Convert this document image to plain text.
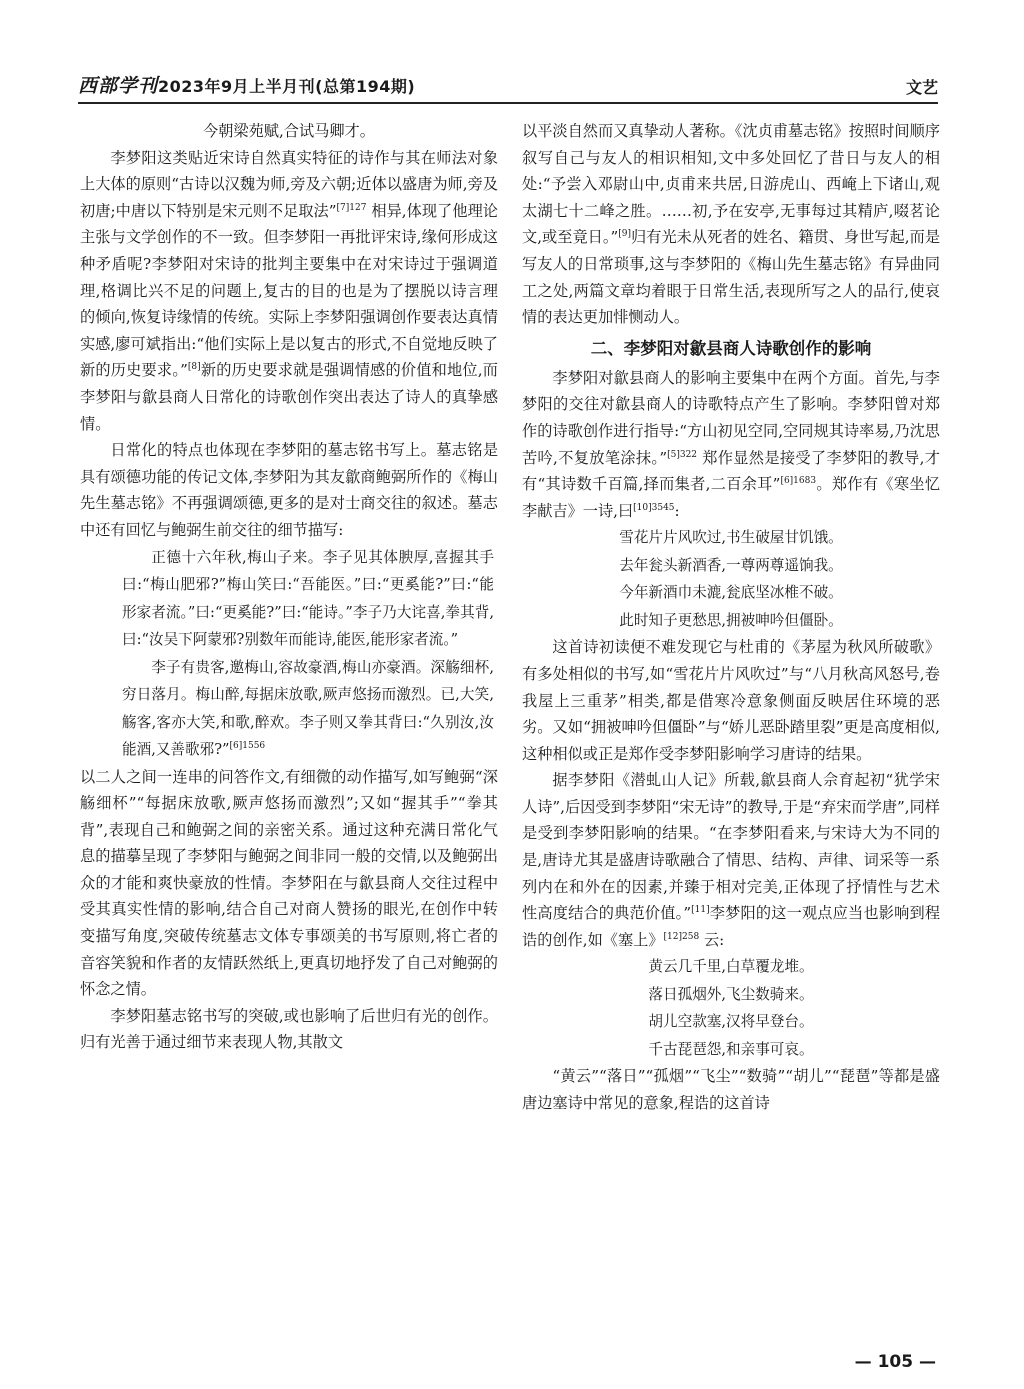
西部学刊2023年9月上半月刊(总第194期)	文艺

今朝梁苑赋,合试马卿才。

李梦阳这类贴近宋诗自然真实特征的诗作与其在师法对象上大体的原则“古诗以汉魏为师,旁及六朝;近体以盛唐为师,旁及初唐;中唐以下特别是宋元则不足取法”$^{[7]127}$ 相异,体现了他理论主张与文学创作的不一致。但李梦阳一再批评宋诗,缘何形成这种矛盾呢?李梦阳对宋诗的批判主要集中在对宋诗过于强调道理,格调比兴不足的问题上,复古的目的也是为了摆脱以诗言理的倾向,恢复诗缘情的传统。实际上李梦阳强调创作要表达真情实感,廖可斌指出:“他们实际上是以复古的形式,不自觉地反映了新的历史要求。”[8]新的历史要求就是强调情感的价值和地位,而李梦阳与歙县商人日常化的诗歌创作突出表达了诗人的真挚感情。

日常化的特点也体现在李梦阳的墓志铭书写上。墓志铭是具有颂德功能的传记文体,李梦阳为其友歙商鲍弼所作的《梅山先生墓志铭》不再强调颂德,更多的是对士商交往的叙述。墓志中还有回忆与鲍弼生前交往的细节描写:

正德十六年秋,梅山子来。李子见其体腴厚,喜握其手曰:“梅山肥邪?”梅山笑曰:“吾能医。”曰:“更奚能?”曰:“能形家者流。”曰:“更奚能?”曰:“能诗。”李子乃大诧喜,拳其背,曰:“汝吴下阿蒙邪?别数年而能诗,能医,能形家者流。”

李子有贵客,邀梅山,容故豪酒,梅山亦豪酒。深觞细杯,穷日落月。梅山醉,每据床放歌,厥声悠扬而激烈。已,大笑,觞客,客亦大笑,和歌,醉欢。李子则又拳其背曰:“久别汝,汝能酒,又善歌邪?”$^{[6]1556}$

以二人之间一连串的问答作文,有细微的动作描写,如写鲍弼“深觞细杯”“每据床放歌,厥声悠扬而激烈”;又如“握其手”“拳其背”,表现自己和鲍弼之间的亲密关系。通过这种充满日常化气息的描摹呈现了李梦阳与鲍弼之间非同一般的交情,以及鲍弼出众的才能和爽快豪放的性情。李梦阳在与歙县商人交往过程中受其真实性情的影响,结合自己对商人赞扬的眼光,在创作中转变描写角度,突破传统墓志文体专事颂美的书写原则,将亡者的音容笑貌和作者的友情跃然纸上,更真切地抒发了自己对鲍弼的怀念之情。

李梦阳墓志铭书写的突破,或也影响了后世归有光的创作。归有光善于通过细节来表现人物,其散文

以平淡自然而又真挚动人著称。《沈贞甫墓志铭》按照时间顺序叙写自己与友人的相识相知,文中多处回忆了昔日与友人的相处:“予尝入邓尉山中,贞甫来共居,日游虎山、西崦上下诸山,观太湖七十二峰之胜。……初,予在安亭,无事每过其精庐,啜茗论文,或至竟日。”[9]归有光未从死者的姓名、籍贯、身世写起,而是写友人的日常琐事,这与李梦阳的《梅山先生墓志铭》有异曲同工之处,两篇文章均着眼于日常生活,表现所写之人的品行,使哀情的表达更加悱恻动人。

二、李梦阳对歙县商人诗歌创作的影响

李梦阳对歙县商人的影响主要集中在两个方面。首先,与李梦阳的交往对歙县商人的诗歌特点产生了影响。李梦阳曾对郑作的诗歌创作进行指导:“方山初见空同,空同规其诗率易,乃沈思苦吟,不复放笔涂抹。”$^{[5]322}$ 郑作显然是接受了李梦阳的教导,才有“其诗数千百篇,择而集者,二百余耳”$^{[6]1683}$。郑作有《寒坐忆李献吉》一诗,曰$^{[10]3545}$:

雪花片片风吹过,书生破屋甘饥饿。

去年瓮头新酒香,一尊两尊遥饷我。

今年新酒巾未漉,瓮底坚冰椎不破。

此时知子更愁思,拥被呻吟但僵卧。

这首诗初读便不难发现它与杜甫的《茅屋为秋风所破歌》有多处相似的书写,如“雪花片片风吹过”与“八月秋高风怒号,卷我屋上三重茅”相类,都是借寒冷意象侧面反映居住环境的恶劣。又如“拥被呻吟但僵卧”与“娇儿恶卧踏里裂”更是高度相似,这种相似或正是郑作受李梦阳影响学习唐诗的结果。

据李梦阳《潜虬山人记》所载,歙县商人佘育起初“犹学宋人诗”,后因受到李梦阳“宋无诗”的教导,于是“弃宋而学唐”,同样是受到李梦阳影响的结果。“在李梦阳看来,与宋诗大为不同的是,唐诗尤其是盛唐诗歌融合了情思、结构、声律、词采等一系列内在和外在的因素,并臻于相对完美,正体现了抒情性与艺术性高度结合的典范价值。”[11]李梦阳的这一观点应当也影响到程诰的创作,如《塞上》$^{[12]258}$ 云:

黄云几千里,白草覆龙堆。

落日孤烟外,飞尘数骑来。

胡儿空款塞,汉将早登台。

千古琵琶怨,和亲事可哀。

“黄云”“落日”“孤烟”“飞尘”“数骑”“胡儿”“琵琶”等都是盛唐边塞诗中常见的意象,程诰的这首诗

— 105 —
